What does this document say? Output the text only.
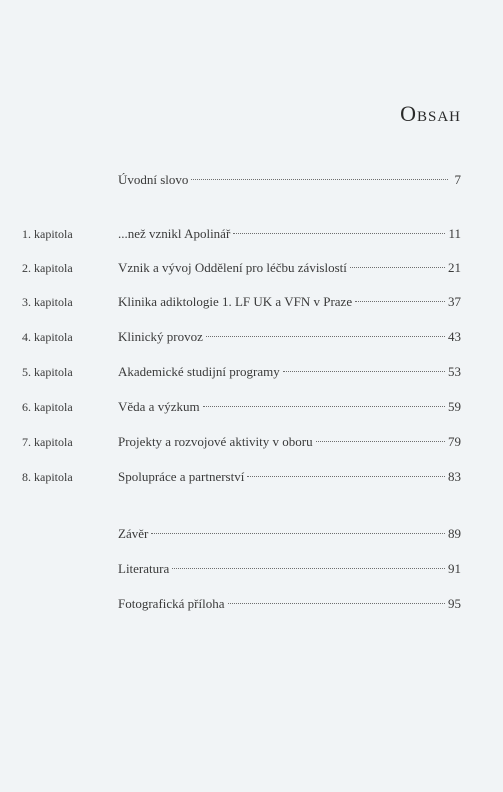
Obsah
Úvodní slovo	7
1. kapitola	...než vznikl Apolinář	11
2. kapitola	Vznik a vývoj Oddělení pro léčbu závislostí	21
3. kapitola	Klinika adiktologie 1. LF UK a VFN v Praze	37
4. kapitola	Klinický provoz	43
5. kapitola	Akademické studijní programy	53
6. kapitola	Věda a výzkum	59
7. kapitola	Projekty a rozvojové aktivity v oboru	79
8. kapitola	Spolupráce a partnerství	83
Závěr	89
Literatura	91
Fotografická příloha	95
